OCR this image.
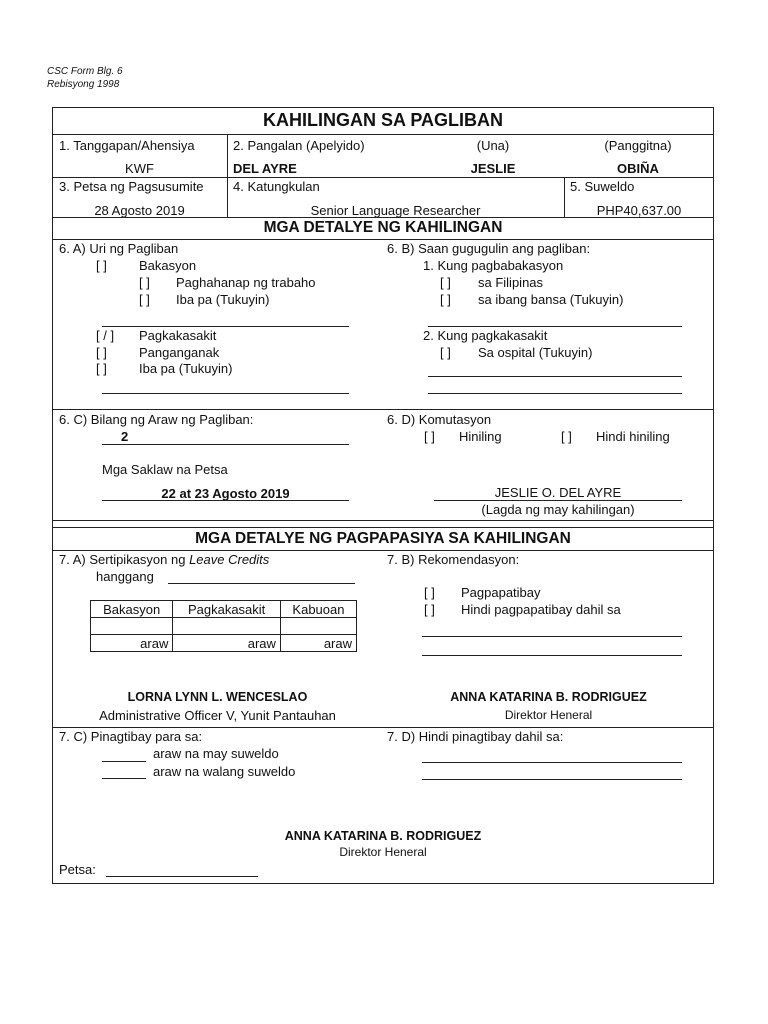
CSC Form Blg. 6
Rebisyong 1998
KAHILINGAN SA PAGLIBAN
1. Tanggapan/Ahensiya
KWF
2. Pangalan (Apelyido)
DEL AYRE
(Una)
JESLIE
(Panggitna)
OBIÑA
3. Petsa ng Pagsusumite
28 Agosto 2019
4. Katungkulan
Senior Language Researcher
5. Suweldo
PHP40,637.00
MGA DETALYE NG KAHILINGAN
6. A) Uri ng Pagliban
[ ] Bakasyon
[ ] Paghahanap ng trabaho
[ ] Iba pa (Tukuyin)
[ / ] Pagkakasakit
[ ] Panganganak
[ ] Iba pa (Tukuyin)
6. B) Saan gugugulin ang pagliban:
1. Kung pagbabakasyon
[ ] sa Filipinas
[ ] sa ibang bansa (Tukuyin)
2. Kung pagkakasakit
[ ] Sa ospital (Tukuyin)
6. C) Bilang ng Araw ng Pagliban:
2
Mga Saklaw na Petsa
22 at 23 Agosto 2019
6. D) Komutasyon
[ ] Hiniling	[ ] Hindi hiniling
JESLIE O. DEL AYRE
(Lagda ng may kahilingan)
MGA DETALYE NG PAGPAPASIYA SA KAHILINGAN
7. A) Sertipikasyon ng Leave Credits
hanggang
Bakasyon	Pagkakasakit	Kabuoan

araw	araw	araw
LORNA LYNN L. WENCESLAO
Administrative Officer V, Yunit Pantauhan
7. B) Rekomendasyon:
[ ] Pagpapatibay
[ ] Hindi pagpapatibay dahil sa
ANNA KATARINA B. RODRIGUEZ
Direktor Heneral
7. C) Pinagtibay para sa:
araw na may suweldo
araw na walang suweldo
7. D) Hindi pinagtibay dahil sa:
ANNA KATARINA B. RODRIGUEZ
Direktor Heneral
Petsa:
